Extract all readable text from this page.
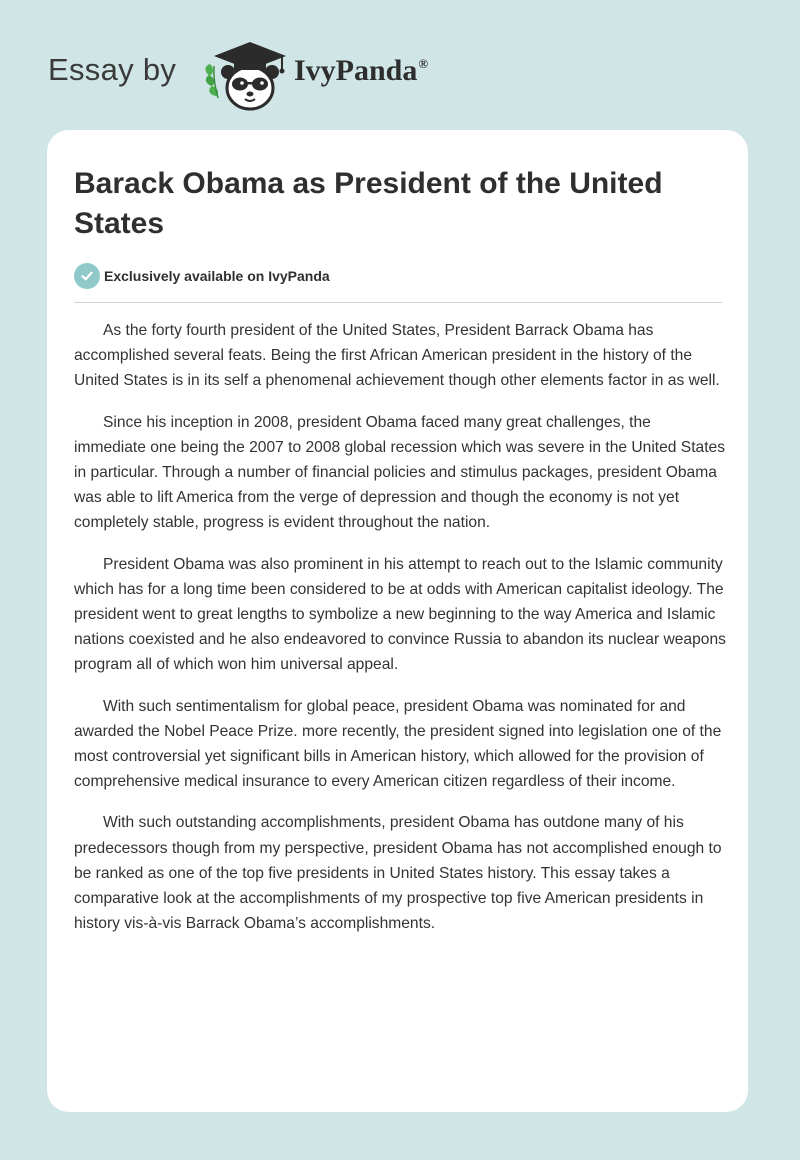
Essay by	IvyPanda®
Barack Obama as President of the United States
Exclusively available on IvyPanda

As the forty fourth president of the United States, President Barrack Obama has accomplished several feats. Being the first African American president in the history of the United States is in its self a phenomenal achievement though other elements factor in as well.

Since his inception in 2008, president Obama faced many great challenges, the immediate one being the 2007 to 2008 global recession which was severe in the United States in particular. Through a number of financial policies and stimulus packages, president Obama was able to lift America from the verge of depression and though the economy is not yet completely stable, progress is evident throughout the nation.

President Obama was also prominent in his attempt to reach out to the Islamic community which has for a long time been considered to be at odds with American capitalist ideology. The president went to great lengths to symbolize a new beginning to the way America and Islamic nations coexisted and he also endeavored to convince Russia to abandon its nuclear weapons program all of which won him universal appeal.

With such sentimentalism for global peace, president Obama was nominated for and awarded the Nobel Peace Prize. more recently, the president signed into legislation one of the most controversial yet significant bills in American history, which allowed for the provision of comprehensive medical insurance to every American citizen regardless of their income.

With such outstanding accomplishments, president Obama has outdone many of his predecessors though from my perspective, president Obama has not accomplished enough to be ranked as one of the top five presidents in United States history. This essay takes a comparative look at the accomplishments of my prospective top five American presidents in history vis-à-vis Barrack Obama’s accomplishments.
